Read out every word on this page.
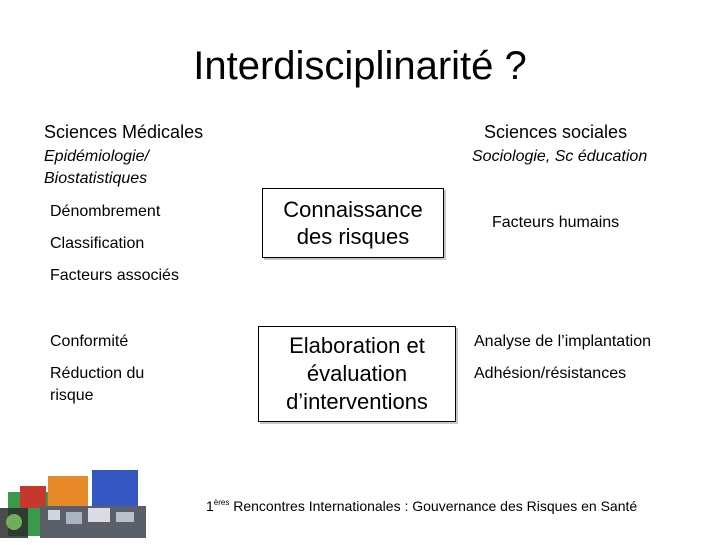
Interdisciplinarité ?
Sciences Médicales
Epidémiologie/ Biostatistiques
Dénombrement
Classification
Facteurs associés
Conformité
Réduction du risque
Connaissance des risques
Elaboration et évaluation d’interventions
Sciences sociales
Sociologie, Sc éducation
Facteurs humains
Analyse de l’implantation
Adhésion/résistances
1ères Rencontres Internationales : Gouvernance des Risques en Santé
